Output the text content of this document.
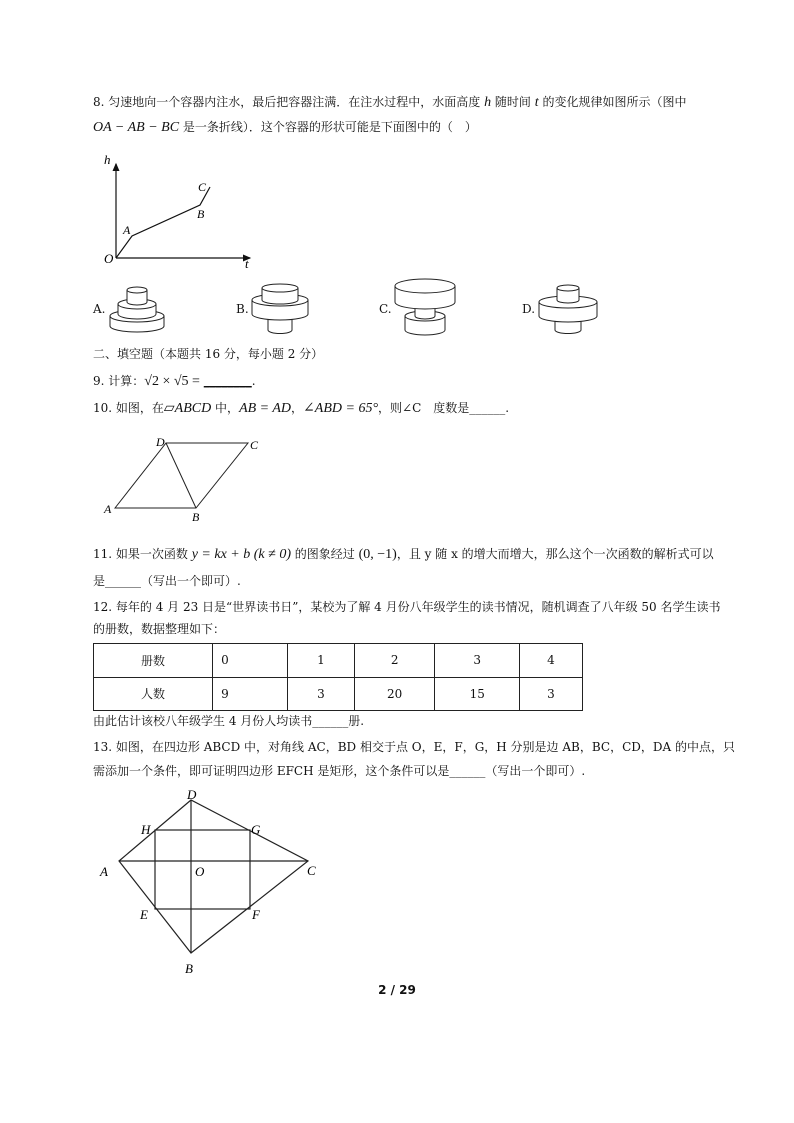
8. 匀速地向一个容器内注水，最后把容器注满．在注水过程中，水面高度 h 随时间 t 的变化规律如图所示（图中
OA − AB − BC 是一条折线）．这个容器的形状可能是下面图中的（　）
h
t
O
A
B
C
A.	B.	C.	D.
二、填空题（本题共 16 分，每小题 2 分）
9. 计算：√2 × √5 = ________.
10. 如图，在▱ABCD 中，AB = AD，∠ABD = 65°，则∠C　度数是______.
A
B
C
D
11. 如果一次函数 y = kx + b (k ≠ 0) 的图象经过 (0, −1)，且 y 随 x 的增大而增大，那么这个一次函数的解析式可以
是______（写出一个即可）.
12. 每年的 4 月 23 日是“世界读书日”，某校为了解 4 月份八年级学生的读书情况，随机调查了八年级 50 名学生读书
的册数，数据整理如下：
册数	0	1	2	3	4
人数	9	3	20	15	3
由此估计该校八年级学生 4 月份人均读书______册.
13. 如图，在四边形 ABCD 中，对角线 AC，BD 相交于点 O，E，F，G，H 分别是边 AB，BC，CD，DA 的中点，只
需添加一个条件，即可证明四边形 EFCH 是矩形，这个条件可以是______（写出一个即可）.
A
B
C
D
E	F
G
H
O
2 / 29
